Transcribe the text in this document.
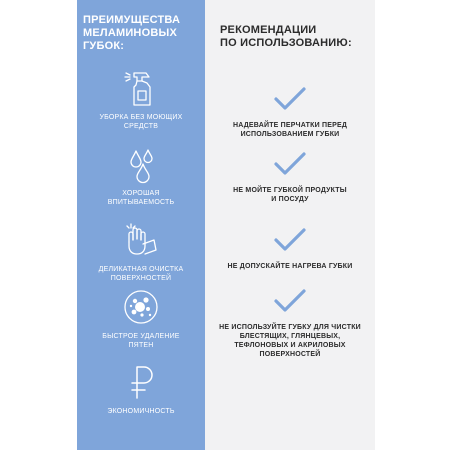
ПРЕИМУЩЕСТВА
МЕЛАМИНОВЫХ
ГУБОК:
УБОРКА БЕЗ МОЮЩИХ
СРЕДСТВ
ХОРОШАЯ
ВПИТЫВАЕМОСТЬ
ДЕЛИКАТНАЯ ОЧИСТКА
ПОВЕРХНОСТЕЙ
БЫСТРОЕ УДАЛЕНИЕ
ПЯТЕН
ЭКОНОМИЧНОСТЬ
РЕКОМЕНДАЦИИ
ПО ИСПОЛЬЗОВАНИЮ:
НАДЕВАЙТЕ ПЕРЧАТКИ ПЕРЕД
ИСПОЛЬЗОВАНИЕМ ГУБКИ
НЕ МОЙТЕ ГУБКОЙ ПРОДУКТЫ
И ПОСУДУ
НЕ ДОПУСКАЙТЕ НАГРЕВА ГУБКИ
НЕ ИСПОЛЬЗУЙТЕ ГУБКУ ДЛЯ ЧИСТКИ
БЛЕСТЯЩИХ, ГЛЯНЦЕВЫХ,
ТЕФЛОНОВЫХ И АКРИЛОВЫХ
ПОВЕРХНОСТЕЙ
